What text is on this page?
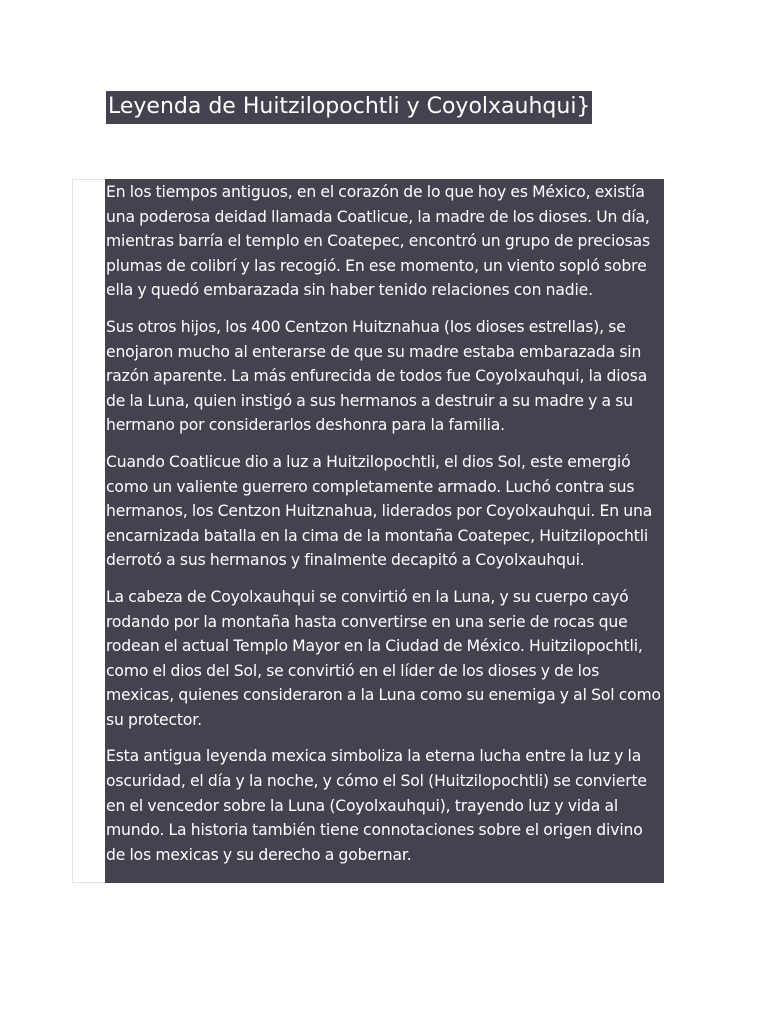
Leyenda de Huitzilopochtli y Coyolxauhqui}

En los tiempos antiguos, en el corazón de lo que hoy es México, existía una poderosa deidad llamada Coatlicue, la madre de los dioses. Un día, mientras barría el templo en Coatepec, encontró un grupo de preciosas plumas de colibrí y las recogió. En ese momento, un viento sopló sobre ella y quedó embarazada sin haber tenido relaciones con nadie.

Sus otros hijos, los 400 Centzon Huitznahua (los dioses estrellas), se enojaron mucho al enterarse de que su madre estaba embarazada sin razón aparente. La más enfurecida de todos fue Coyolxauhqui, la diosa de la Luna, quien instigó a sus hermanos a destruir a su madre y a su hermano por considerarlos deshonra para la familia.

Cuando Coatlicue dio a luz a Huitzilopochtli, el dios Sol, este emergió como un valiente guerrero completamente armado. Luchó contra sus hermanos, los Centzon Huitznahua, liderados por Coyolxauhqui. En una encarnizada batalla en la cima de la montaña Coatepec, Huitzilopochtli derrotó a sus hermanos y finalmente decapitó a Coyolxauhqui.

La cabeza de Coyolxauhqui se convirtió en la Luna, y su cuerpo cayó rodando por la montaña hasta convertirse en una serie de rocas que rodean el actual Templo Mayor en la Ciudad de México. Huitzilopochtli, como el dios del Sol, se convirtió en el líder de los dioses y de los mexicas, quienes consideraron a la Luna como su enemiga y al Sol como su protector.

Esta antigua leyenda mexica simboliza la eterna lucha entre la luz y la oscuridad, el día y la noche, y cómo el Sol (Huitzilopochtli) se convierte en el vencedor sobre la Luna (Coyolxauhqui), trayendo luz y vida al mundo. La historia también tiene connotaciones sobre el origen divino de los mexicas y su derecho a gobernar.
